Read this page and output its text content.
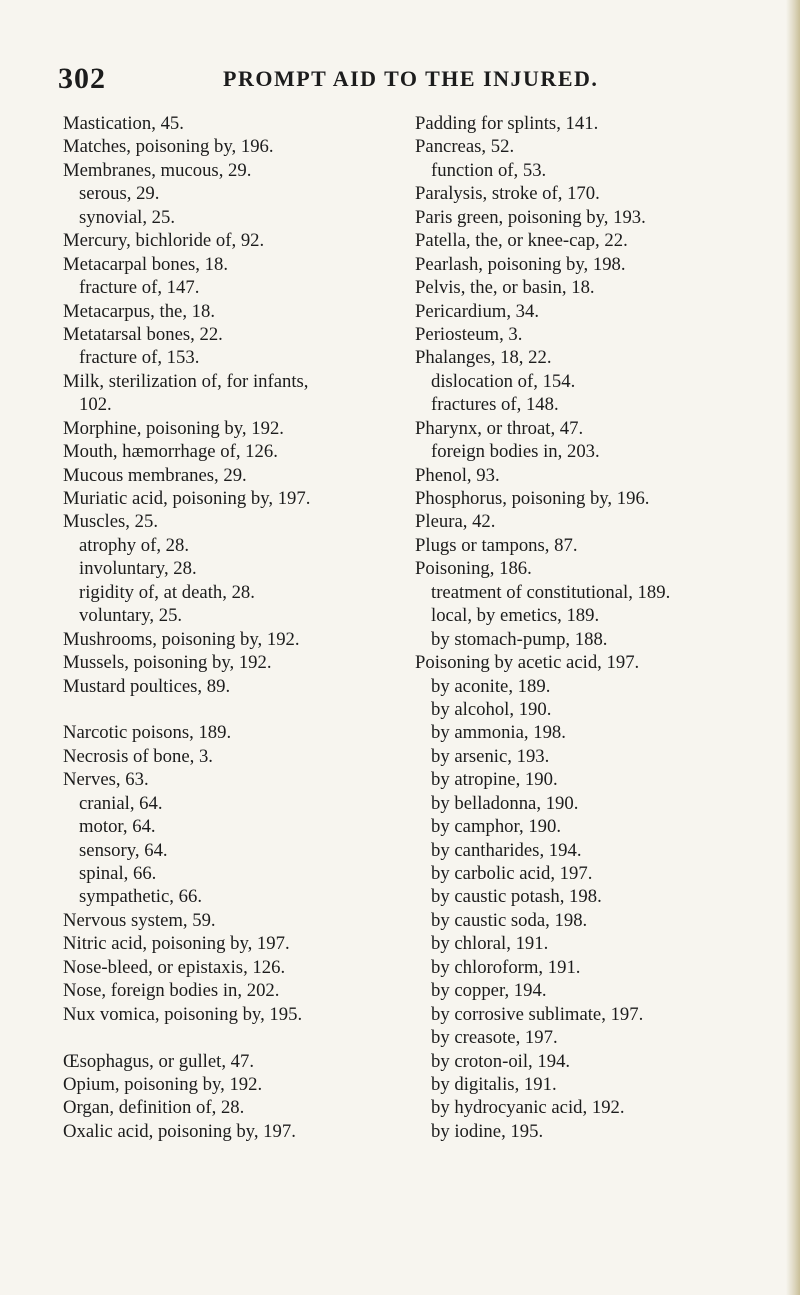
302	PROMPT AID TO THE INJURED.
Mastication, 45.
Matches, poisoning by, 196.
Membranes, mucous, 29.
serous, 29.
synovial, 25.
Mercury, bichloride of, 92.
Metacarpal bones, 18.
fracture of, 147.
Metacarpus, the, 18.
Metatarsal bones, 22.
fracture of, 153.
Milk, sterilization of, for infants,
102.
Morphine, poisoning by, 192.
Mouth, hæmorrhage of, 126.
Mucous membranes, 29.
Muriatic acid, poisoning by, 197.
Muscles, 25.
atrophy of, 28.
involuntary, 28.
rigidity of, at death, 28.
voluntary, 25.
Mushrooms, poisoning by, 192.
Mussels, poisoning by, 192.
Mustard poultices, 89.
Narcotic poisons, 189.
Necrosis of bone, 3.
Nerves, 63.
cranial, 64.
motor, 64.
sensory, 64.
spinal, 66.
sympathetic, 66.
Nervous system, 59.
Nitric acid, poisoning by, 197.
Nose-bleed, or epistaxis, 126.
Nose, foreign bodies in, 202.
Nux vomica, poisoning by, 195.
Œsophagus, or gullet, 47.
Opium, poisoning by, 192.
Organ, definition of, 28.
Oxalic acid, poisoning by, 197.
Padding for splints, 141.
Pancreas, 52.
function of, 53.
Paralysis, stroke of, 170.
Paris green, poisoning by, 193.
Patella, the, or knee-cap, 22.
Pearlash, poisoning by, 198.
Pelvis, the, or basin, 18.
Pericardium, 34.
Periosteum, 3.
Phalanges, 18, 22.
dislocation of, 154.
fractures of, 148.
Pharynx, or throat, 47.
foreign bodies in, 203.
Phenol, 93.
Phosphorus, poisoning by, 196.
Pleura, 42.
Plugs or tampons, 87.
Poisoning, 186.
treatment of constitutional, 189.
local, by emetics, 189.
by stomach-pump, 188.
Poisoning by acetic acid, 197.
by aconite, 189.
by alcohol, 190.
by ammonia, 198.
by arsenic, 193.
by atropine, 190.
by belladonna, 190.
by camphor, 190.
by cantharides, 194.
by carbolic acid, 197.
by caustic potash, 198.
by caustic soda, 198.
by chloral, 191.
by chloroform, 191.
by copper, 194.
by corrosive sublimate, 197.
by creasote, 197.
by croton-oil, 194.
by digitalis, 191.
by hydrocyanic acid, 192.
by iodine, 195.
